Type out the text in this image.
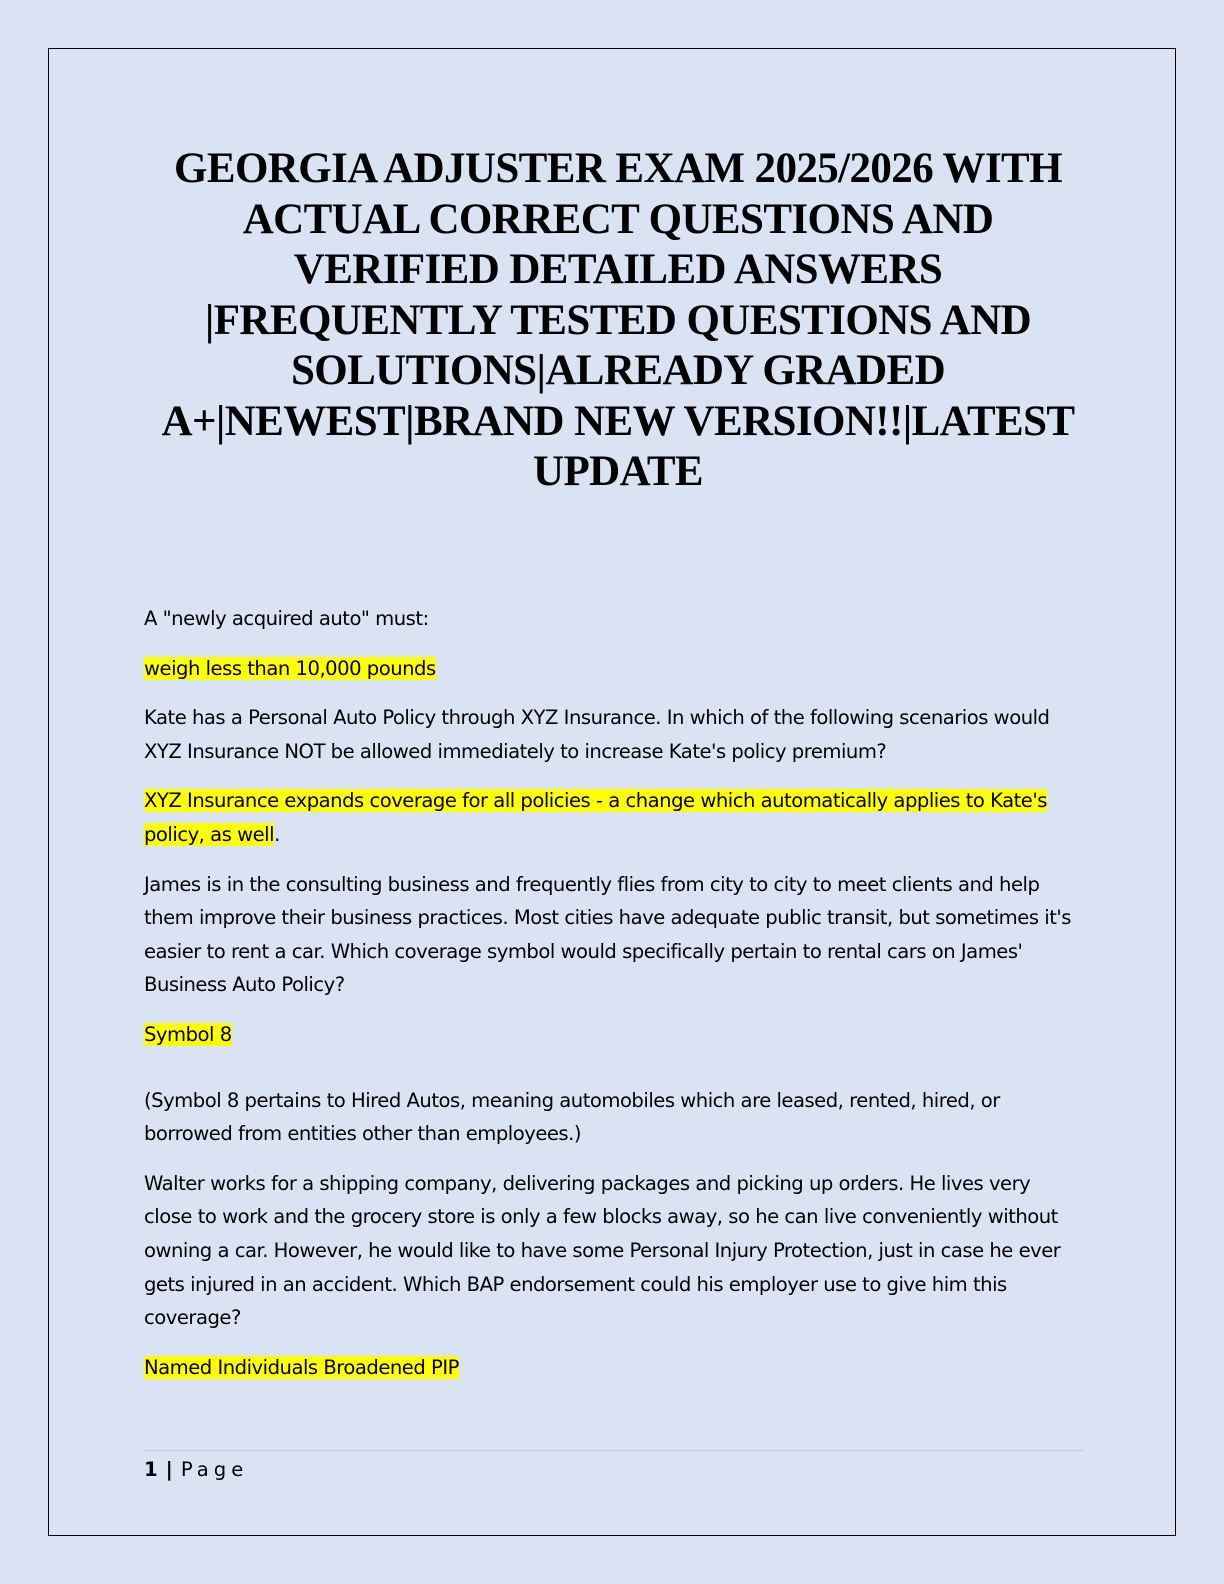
GEORGIA ADJUSTER EXAM 2025/2026 WITH ACTUAL CORRECT QUESTIONS AND VERIFIED DETAILED ANSWERS |FREQUENTLY TESTED QUESTIONS AND SOLUTIONS|ALREADY GRADED A+|NEWEST|BRAND NEW VERSION!!|LATEST UPDATE

A "newly acquired auto" must:

weigh less than 10,000 pounds

Kate has a Personal Auto Policy through XYZ Insurance. In which of the following scenarios would XYZ Insurance NOT be allowed immediately to increase Kate's policy premium?

XYZ Insurance expands coverage for all policies - a change which automatically applies to Kate's policy, as well.

James is in the consulting business and frequently flies from city to city to meet clients and help them improve their business practices. Most cities have adequate public transit, but sometimes it's easier to rent a car. Which coverage symbol would specifically pertain to rental cars on James' Business Auto Policy?

Symbol 8

(Symbol 8 pertains to Hired Autos, meaning automobiles which are leased, rented, hired, or borrowed from entities other than employees.)

Walter works for a shipping company, delivering packages and picking up orders. He lives very close to work and the grocery store is only a few blocks away, so he can live conveniently without owning a car. However, he would like to have some Personal Injury Protection, just in case he ever gets injured in an accident. Which BAP endorsement could his employer use to give him this coverage?

Named Individuals Broadened PIP

1 | Page
